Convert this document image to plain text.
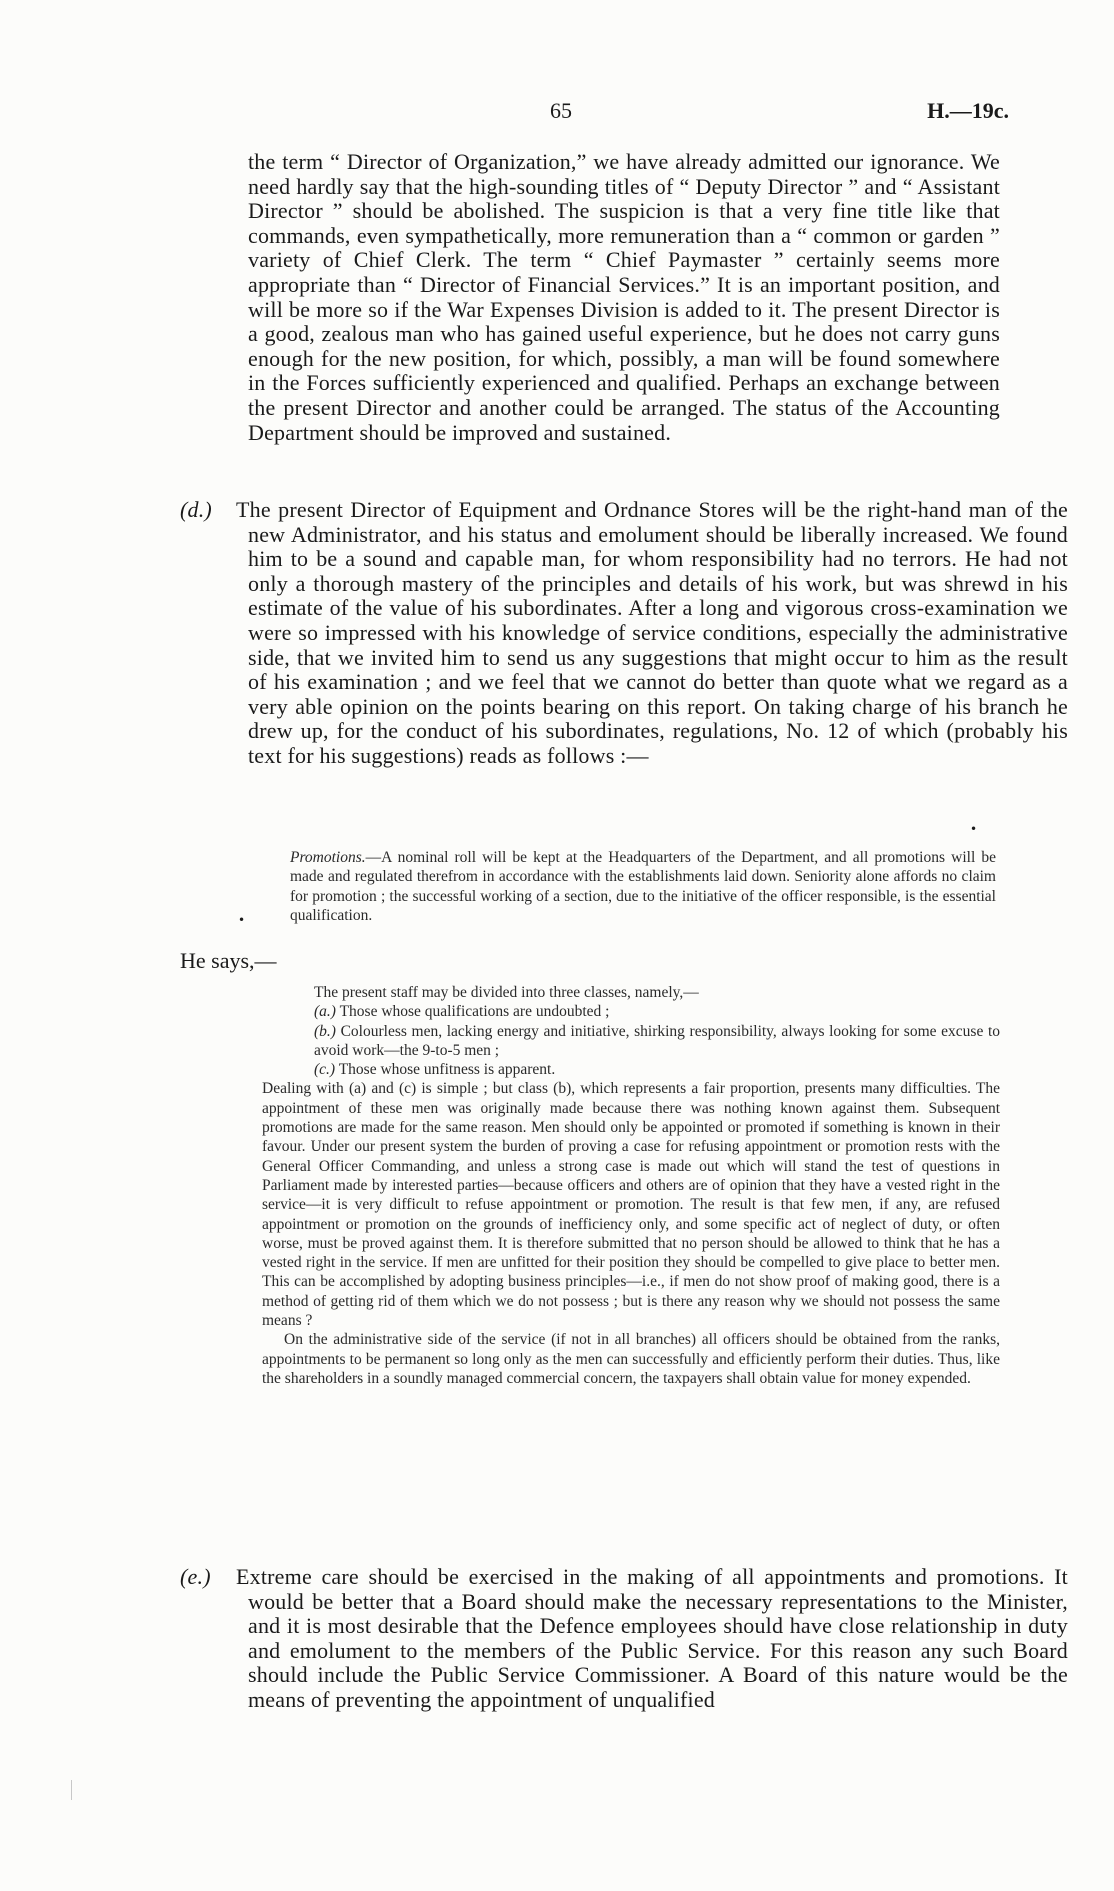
65	H.—19c.
the term “ Director of Organization,” we have already admitted our ignorance. We need hardly say that the high-sounding titles of “ Deputy Director ” and “ Assistant Director ” should be abolished. The suspicion is that a very fine title like that commands, even sympathetically, more remuneration than a “ common or garden ” variety of Chief Clerk. The term “ Chief Paymaster ” certainly seems more appropriate than “ Director of Financial Services.” It is an important position, and will be more so if the War Expenses Division is added to it. The present Director is a good, zealous man who has gained useful experience, but he does not carry guns enough for the new position, for which, possibly, a man will be found somewhere in the Forces sufficiently experienced and qualified. Perhaps an exchange between the present Director and another could be arranged. The status of the Accounting Department should be improved and sustained.
(d.) The present Director of Equipment and Ordnance Stores will be the right-hand man of the new Administrator, and his status and emolument should be liberally increased. We found him to be a sound and capable man, for whom responsibility had no terrors. He had not only a thorough mastery of the principles and details of his work, but was shrewd in his estimate of the value of his subordinates. After a long and vigorous cross-examination we were so impressed with his knowledge of service conditions, especially the administrative side, that we invited him to send us any suggestions that might occur to him as the result of his examination ; and we feel that we cannot do better than quote what we regard as a very able opinion on the points bearing on this report. On taking charge of his branch he drew up, for the conduct of his subordinates, regulations, No. 12 of which (probably his text for his suggestions) reads as follows :—
•
Promotions.—A nominal roll will be kept at the Headquarters of the Department, and all promotions will be made and regulated therefrom in accordance with the establishments laid down. Seniority alone affords no claim for promotion ; the successful working of a section, due to the initiative of the officer responsible, is the essential qualification.
•
He says,—

The present staff may be divided into three classes, namely,—

(a.) Those whose qualifications are undoubted ;

(b.) Colourless men, lacking energy and initiative, shirking responsibility, always looking for some excuse to avoid work—the 9-to-5 men ;

(c.) Those whose unfitness is apparent.

Dealing with (a) and (c) is simple ; but class (b), which represents a fair proportion, presents many difficulties. The appointment of these men was originally made because there was nothing known against them. Subsequent promotions are made for the same reason. Men should only be appointed or promoted if something is known in their favour. Under our present system the burden of proving a case for refusing appointment or promotion rests with the General Officer Commanding, and unless a strong case is made out which will stand the test of questions in Parliament made by interested parties—because officers and others are of opinion that they have a vested right in the service—it is very difficult to refuse appointment or promotion. The result is that few men, if any, are refused appointment or promotion on the grounds of inefficiency only, and some specific act of neglect of duty, or often worse, must be proved against them. It is therefore submitted that no person should be allowed to think that he has a vested right in the service. If men are unfitted for their position they should be compelled to give place to better men. This can be accomplished by adopting business principles—i.e., if men do not show proof of making good, there is a method of getting rid of them which we do not possess ; but is there any reason why we should not possess the same means ?

On the administrative side of the service (if not in all branches) all officers should be obtained from the ranks, appointments to be permanent so long only as the men can successfully and efficiently perform their duties. Thus, like the shareholders in a soundly managed commercial concern, the taxpayers shall obtain value for money expended.

(e.) Extreme care should be exercised in the making of all appointments and promotions. It would be better that a Board should make the necessary representations to the Minister, and it is most desirable that the Defence employees should have close relationship in duty and emolument to the members of the Public Service. For this reason any such Board should include the Public Service Commissioner. A Board of this nature would be the means of preventing the appointment of unqualified
